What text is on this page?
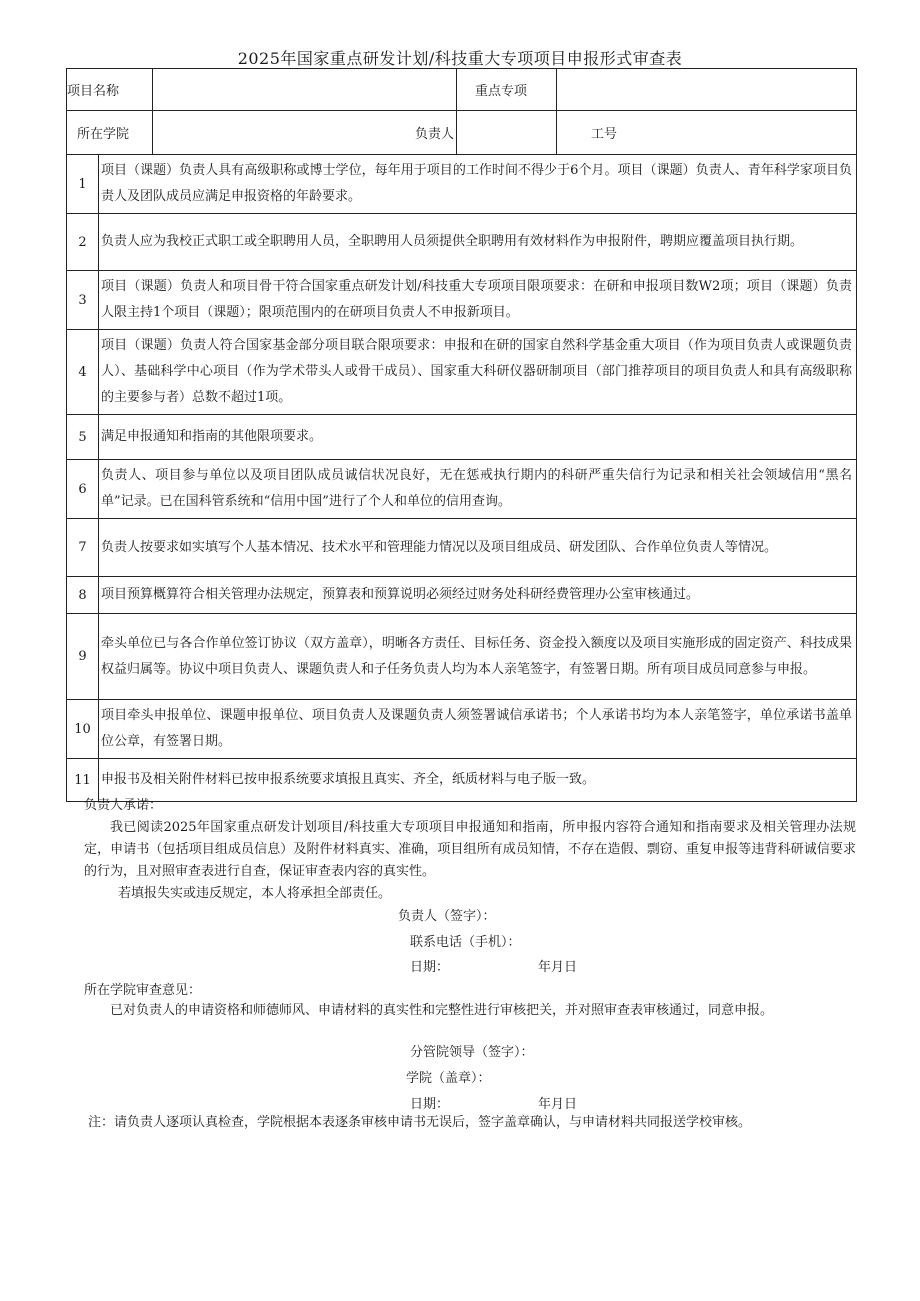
2025年国家重点研发计划/科技重大专项项目申报形式审查表
项目名称			重点专项	
所在学院		负责人		工号
1	项目（课题）负责人具有高级职称或博士学位，每年用于项目的工作时间不得少于6个月。项目（课题）负责人、青年科学家项目负责人及团队成员应满足申报资格的年龄要求。			
2	负责人应为我校正式职工或全职聘用人员，全职聘用人员须提供全职聘用有效材料作为申报附件，聘期应覆盖项目执行期。			
3	项目（课题）负责人和项目骨干符合国家重点研发计划/科技重大专项项目限项要求：在研和申报项目数W2项；项目（课题）负责人限主持1个项目（课题）；限项范围内的在研项目负责人不申报新项目。			
4	项目（课题）负责人符合国家基金部分项目联合限项要求：申报和在研的国家自然科学基金重大项目（作为项目负责人或课题负责人）、基础科学中心项目（作为学术带头人或骨干成员）、国家重大科研仪器研制项目（部门推荐项目的项目负责人和具有高级职称的主要参与者）总数不超过1项。			
5	满足申报通知和指南的其他限项要求。			
6	负责人、项目参与单位以及项目团队成员诚信状况良好，无在惩戒执行期内的科研严重失信行为记录和相关社会领域信用“黑名单”记录。已在国科管系统和“信用中国”进行了个人和单位的信用查询。			
7	负责人按要求如实填写个人基本情况、技术水平和管理能力情况以及项目组成员、研发团队、合作单位负责人等情况。			
8	项目预算概算符合相关管理办法规定，预算表和预算说明必须经过财务处科研经费管理办公室审核通过。			
9	牵头单位已与各合作单位签订协议（双方盖章），明晰各方责任、目标任务、资金投入额度以及项目实施形成的固定资产、科技成果权益归属等。协议中项目负责人、课题负责人和子任务负责人均为本人亲笔签字，有签署日期。所有项目成员同意参与申报。			
10	项目牵头申报单位、课题申报单位、项目负责人及课题负责人须签署诚信承诺书；个人承诺书均为本人亲笔签字，单位承诺书盖单位公章，有签署日期。			
11	申报书及相关附件材料已按申报系统要求填报且真实、齐全，纸质材料与电子版一致。			
负责人承诺：
我已阅读2025年国家重点研发计划项目/科技重大专项项目申报通知和指南，所申报内容符合通知和指南要求及相关管理办法规定，申请书（包括项目组成员信息）及附件材料真实、准确，项目组所有成员知情，不存在造假、剽窃、重复申报等违背科研诚信要求的行为，且对照审查表进行自查，保证审查表内容的真实性。
若填报失实或违反规定，本人将承担全部责任。
负责人（签字）：
联系电话（手机）：
日期：	年月日
所在学院审查意见：
已对负责人的申请资格和师德师风、申请材料的真实性和完整性进行审核把关，并对照审查表审核通过，同意申报。
分管院领导（签字）：
学院（盖章）：
日期：	年月日
注：请负责人逐项认真检查，学院根据本表逐条审核申请书无误后，签字盖章确认，与申请材料共同报送学校审核。
